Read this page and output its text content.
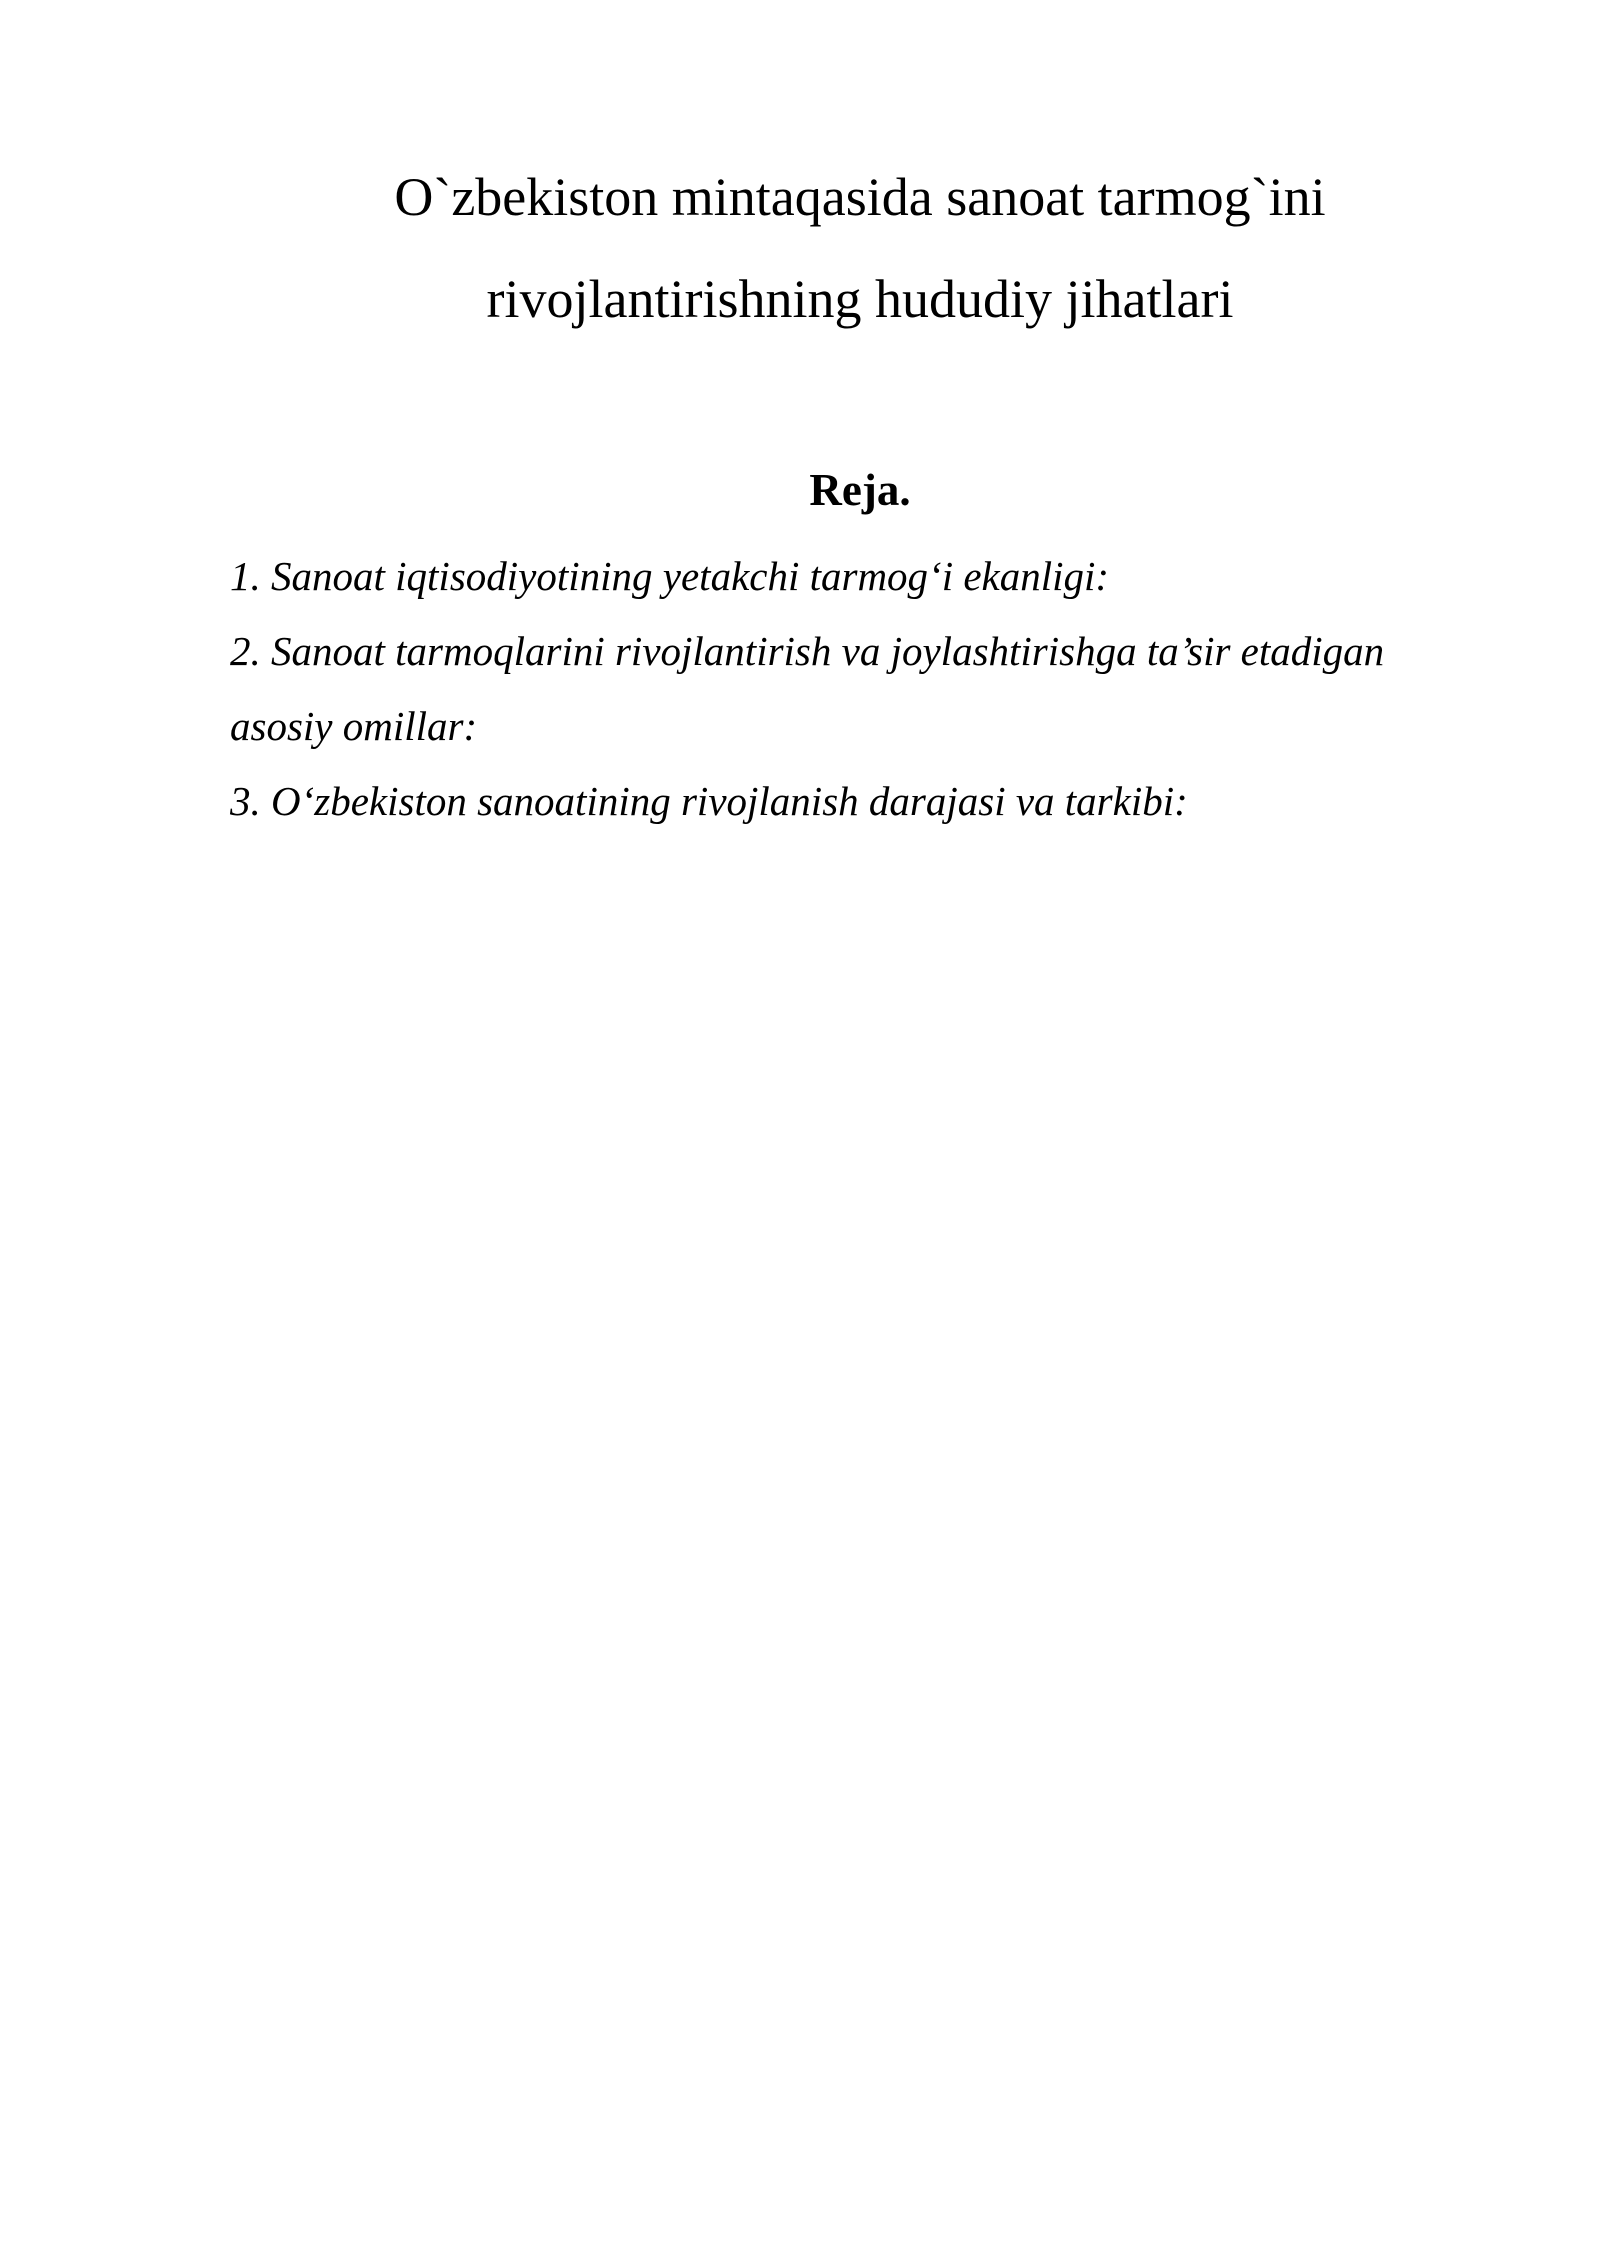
O`zbekiston mintaqasida sanoat tarmog`ini
rivojlantirishning hududiy jihatlari
Reja.
1. Sanoat iqtisodiyotining yetakchi tarmog‘i ekanligi:
2. Sanoat tarmoqlarini rivojlantirish va joylashtirishga ta’sir etadigan
asosiy omillar:
3. O‘zbekiston sanoatining rivojlanish darajasi va tarkibi:
